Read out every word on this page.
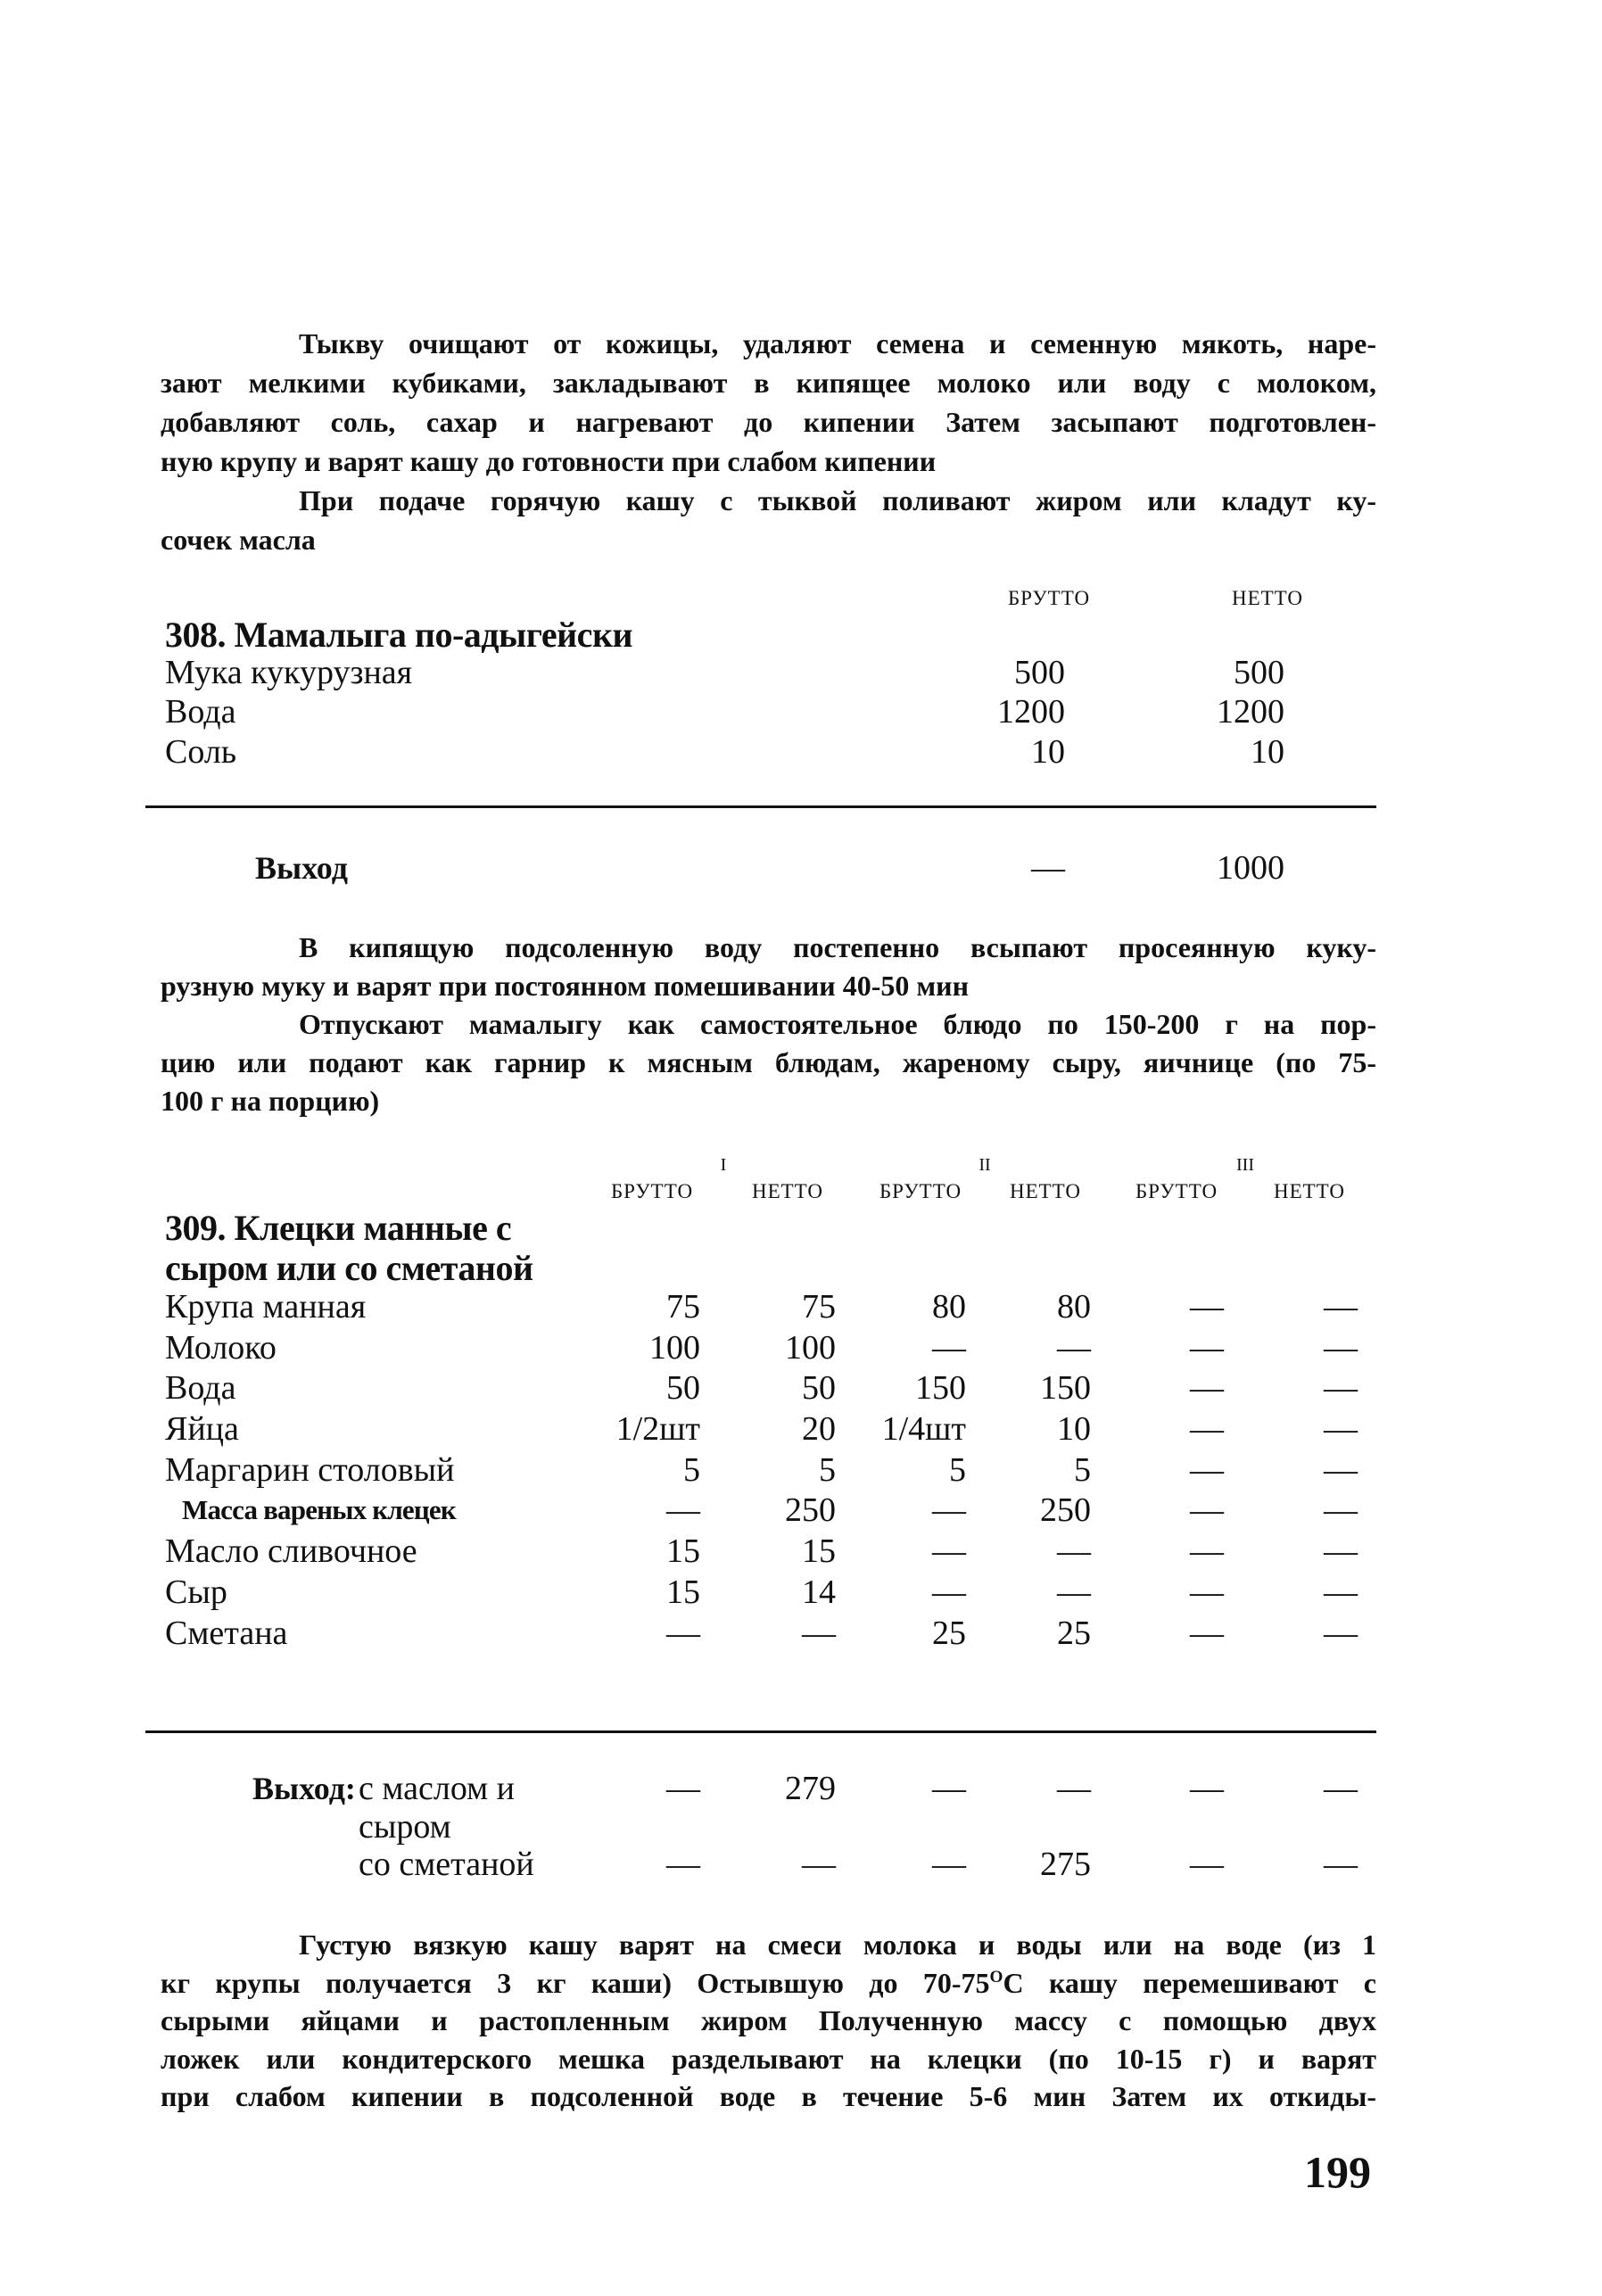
Тыкву очищают от кожицы, удаляют семена и семенную мякоть, наре-
зают мелкими кубиками, закладывают в кипящее молоко или воду с молоком,
добавляют соль, сахар и нагревают до кипении Затем засыпают подготовлен-
ную крупу и варят кашу до готовности при слабом кипении
При подаче горячую кашу с тыквой поливают жиром или кладут ку-
сочек масла
БРУТТО	НЕТТО
308. Мамалыга по-адыгейски
Мука кукурузная	500	500
Вода	1200	1200
Соль	10	10
Выход	—	1000
В кипящую подсоленную воду постепенно всыпают просеянную куку-
рузную муку и варят при постоянном помешивании 40-50 мин
Отпускают мамалыгу как самостоятельное блюдо по 150-200 г на пор-
цию или подают как гарнир к мясным блюдам, жареному сыру, яичнице (по 75-
100 г на порцию)
I	II	III
БРУТТО	НЕТТО	БРУТТО	НЕТТО	БРУТТО	НЕТТО
309. Клецки манные с
сыром или со сметаной
Крупа манная	75	75	80	80	—	—
Молоко	100	100	—	—	—	—
Вода	50	50	150	150	—	—
Яйца	1/2шт	20	1/4шт	10	—	—
Маргарин столовый	5	5	5	5	—	—
Масса вареных клецек	—	250	—	250	—	—
Масло сливочное	15	15	—	—	—	—
Сыр	15	14	—	—	—	—
Сметана	—	—	25	25	—	—
Выход: с маслом и	—	279	—	—	—	—
сыром
со сметаной	—	—	—	275	—	—
Густую вязкую кашу варят на смеси молока и воды или на воде (из 1
кг крупы получается 3 кг каши) Остывшую до $70-75^ОС$ кашу перемешивают с
сырыми яйцами и растопленным жиром Полученную массу с помощью двух
ложек или кондитерского мешка разделывают на клецки (по 10-15 г) и варят
при слабом кипении в подсоленной воде в течение 5-6 мин Затем их откиды-
199
